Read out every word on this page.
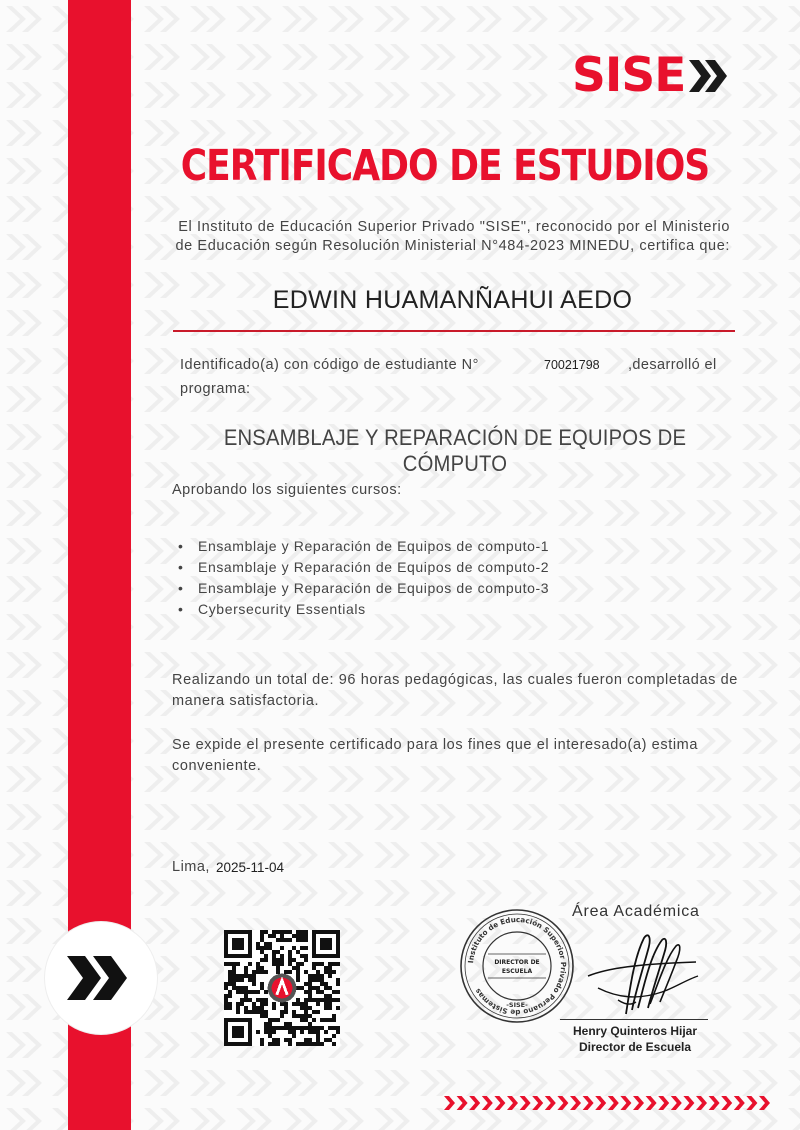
SISE
CERTIFICADO DE ESTUDIOS
El Instituto de Educación Superior Privado "SISE", reconocido por el Ministerio de Educación según Resolución Ministerial N°484-2023 MINEDU, certifica que:
EDWIN HUAMANÑAHUI AEDO
Identificado(a) con código de estudiante N°	70021798 ,desarrolló el
programa:
ENSAMBLAJE Y REPARACIÓN DE EQUIPOS DE CÓMPUTO
Aprobando los siguientes cursos:
• Ensamblaje y Reparación de Equipos de computo-1
• Ensamblaje y Reparación de Equipos de computo-2
• Ensamblaje y Reparación de Equipos de computo-3
• Cybersecurity Essentials
Realizando un total de: 96 horas pedagógicas, las cuales fueron completadas de manera satisfactoria.
Se expide el presente certificado para los fines que el interesado(a) estima conveniente.
Lima, 2025-11-04
Instituto de Educación Superior Privado Peruano de Sistemas
DIRECTOR DE
ESCUELA
-SISE-
Área Académica
Henry Quinteros Hijar
Director de Escuela
